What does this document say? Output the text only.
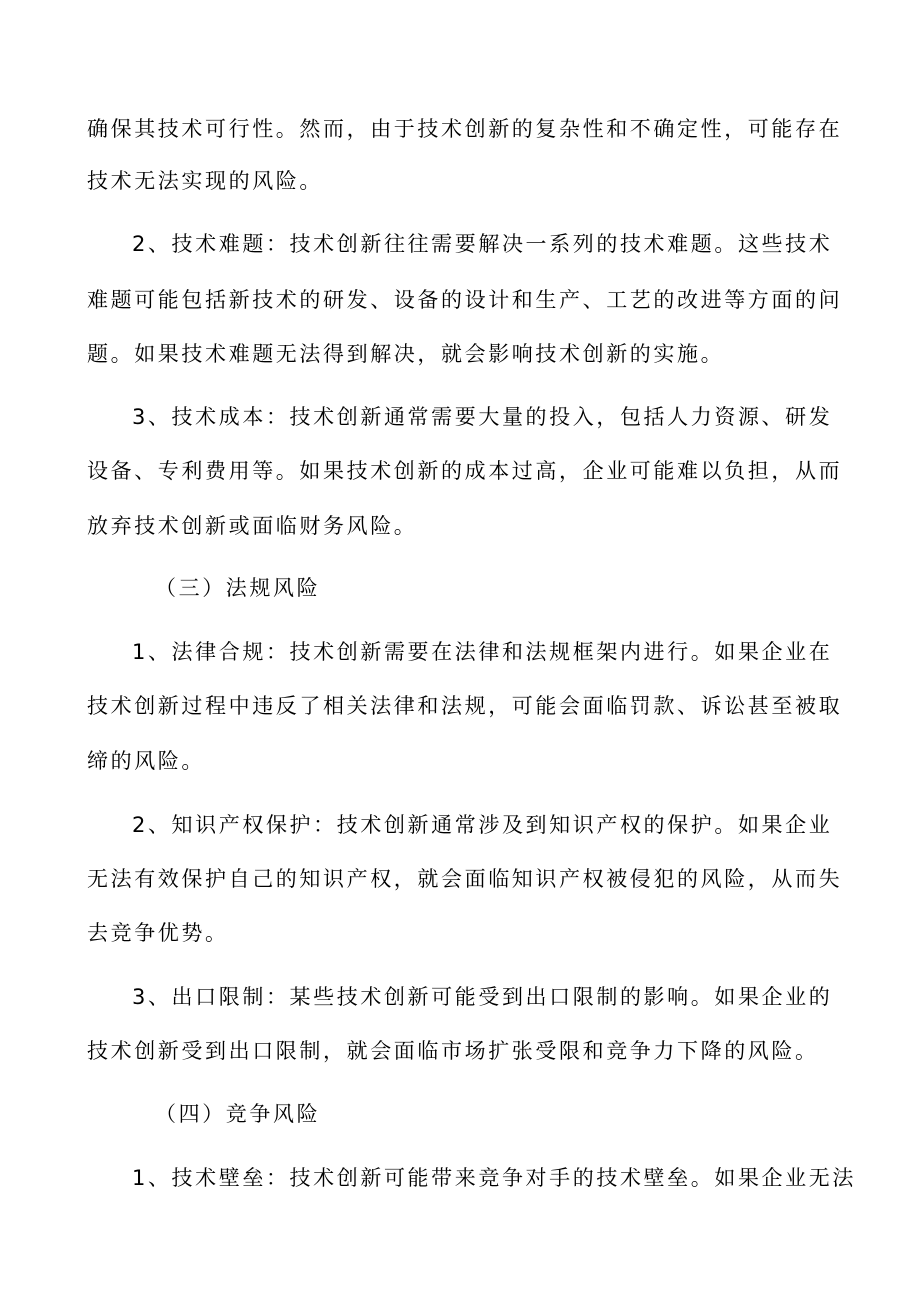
确保其技术可行性。然而，由于技术创新的复杂性和不确定性，可能存在
技术无法实现的风险。
2、技术难题：技术创新往往需要解决一系列的技术难题。这些技术
难题可能包括新技术的研发、设备的设计和生产、工艺的改进等方面的问
题。如果技术难题无法得到解决，就会影响技术创新的实施。
3、技术成本：技术创新通常需要大量的投入，包括人力资源、研发
设备、专利费用等。如果技术创新的成本过高，企业可能难以负担，从而
放弃技术创新或面临财务风险。
（三）法规风险
1、法律合规：技术创新需要在法律和法规框架内进行。如果企业在
技术创新过程中违反了相关法律和法规，可能会面临罚款、诉讼甚至被取
缔的风险。
2、知识产权保护：技术创新通常涉及到知识产权的保护。如果企业
无法有效保护自己的知识产权，就会面临知识产权被侵犯的风险，从而失
去竞争优势。
3、出口限制：某些技术创新可能受到出口限制的影响。如果企业的
技术创新受到出口限制，就会面临市场扩张受限和竞争力下降的风险。
（四）竞争风险
1、技术壁垒：技术创新可能带来竞争对手的技术壁垒。如果企业无法
